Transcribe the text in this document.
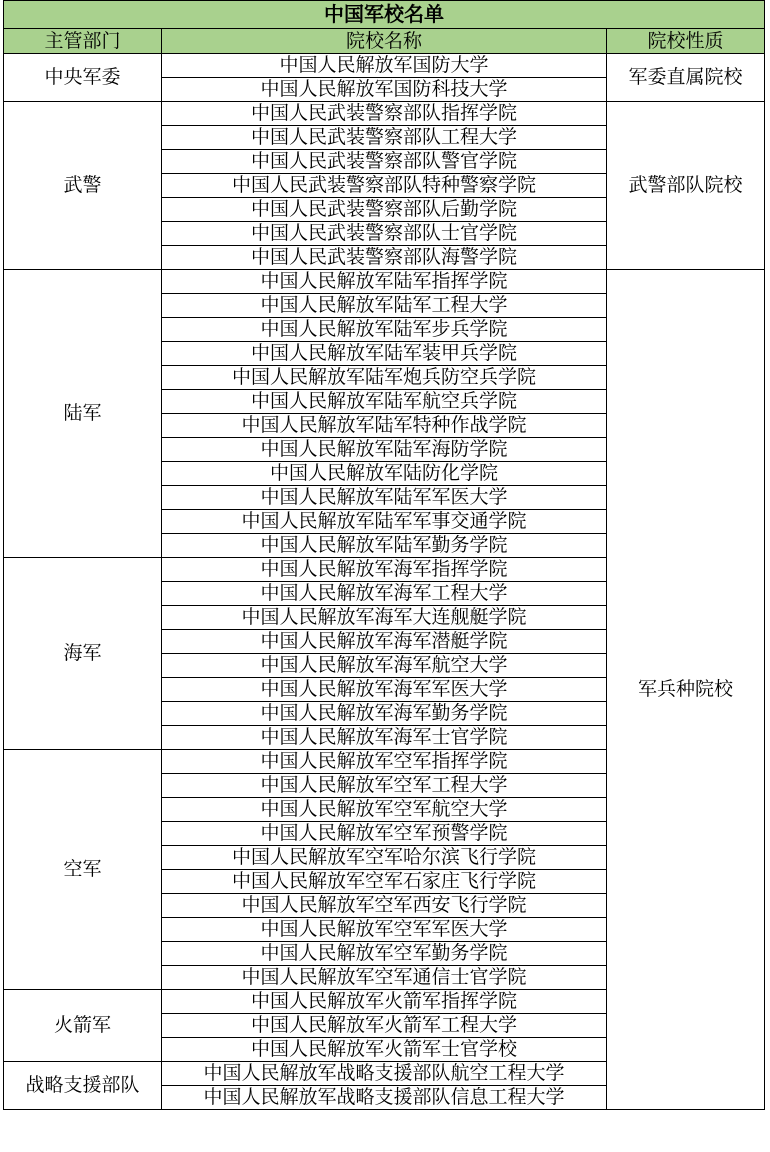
中国军校名单		
主管部门	院校名称	院校性质
中央军委	中国人民解放军国防大学	军委直属院校
	中国人民解放军国防科技大学	
武警	中国人民武装警察部队指挥学院	武警部队院校
	中国人民武装警察部队工程大学	
	中国人民武装警察部队警官学院	
	中国人民武装警察部队特种警察学院	
	中国人民武装警察部队后勤学院	
	中国人民武装警察部队士官学院	
	中国人民武装警察部队海警学院	
陆军	中国人民解放军陆军指挥学院	军兵种院校
	中国人民解放军陆军工程大学	
	中国人民解放军陆军步兵学院	
	中国人民解放军陆军装甲兵学院	
	中国人民解放军陆军炮兵防空兵学院	
	中国人民解放军陆军航空兵学院	
	中国人民解放军陆军特种作战学院	
	中国人民解放军陆军海防学院	
	中国人民解放军陆防化学院	
	中国人民解放军陆军军医大学	
	中国人民解放军陆军军事交通学院	
	中国人民解放军陆军勤务学院	
海军	中国人民解放军海军指挥学院	
	中国人民解放军海军工程大学	
	中国人民解放军海军大连舰艇学院	
	中国人民解放军海军潜艇学院	
	中国人民解放军海军航空大学	
	中国人民解放军海军军医大学	
	中国人民解放军海军勤务学院	
	中国人民解放军海军士官学院	
空军	中国人民解放军空军指挥学院	
	中国人民解放军空军工程大学	
	中国人民解放军空军航空大学	
	中国人民解放军空军预警学院	
	中国人民解放军空军哈尔滨飞行学院	
	中国人民解放军空军石家庄飞行学院	
	中国人民解放军空军西安飞行学院	
	中国人民解放军空军军医大学	
	中国人民解放军空军勤务学院	
	中国人民解放军空军通信士官学院	
火箭军	中国人民解放军火箭军指挥学院	
	中国人民解放军火箭军工程大学	
	中国人民解放军火箭军士官学校	
战略支援部队	中国人民解放军战略支援部队航空工程大学	
	中国人民解放军战略支援部队信息工程大学	
